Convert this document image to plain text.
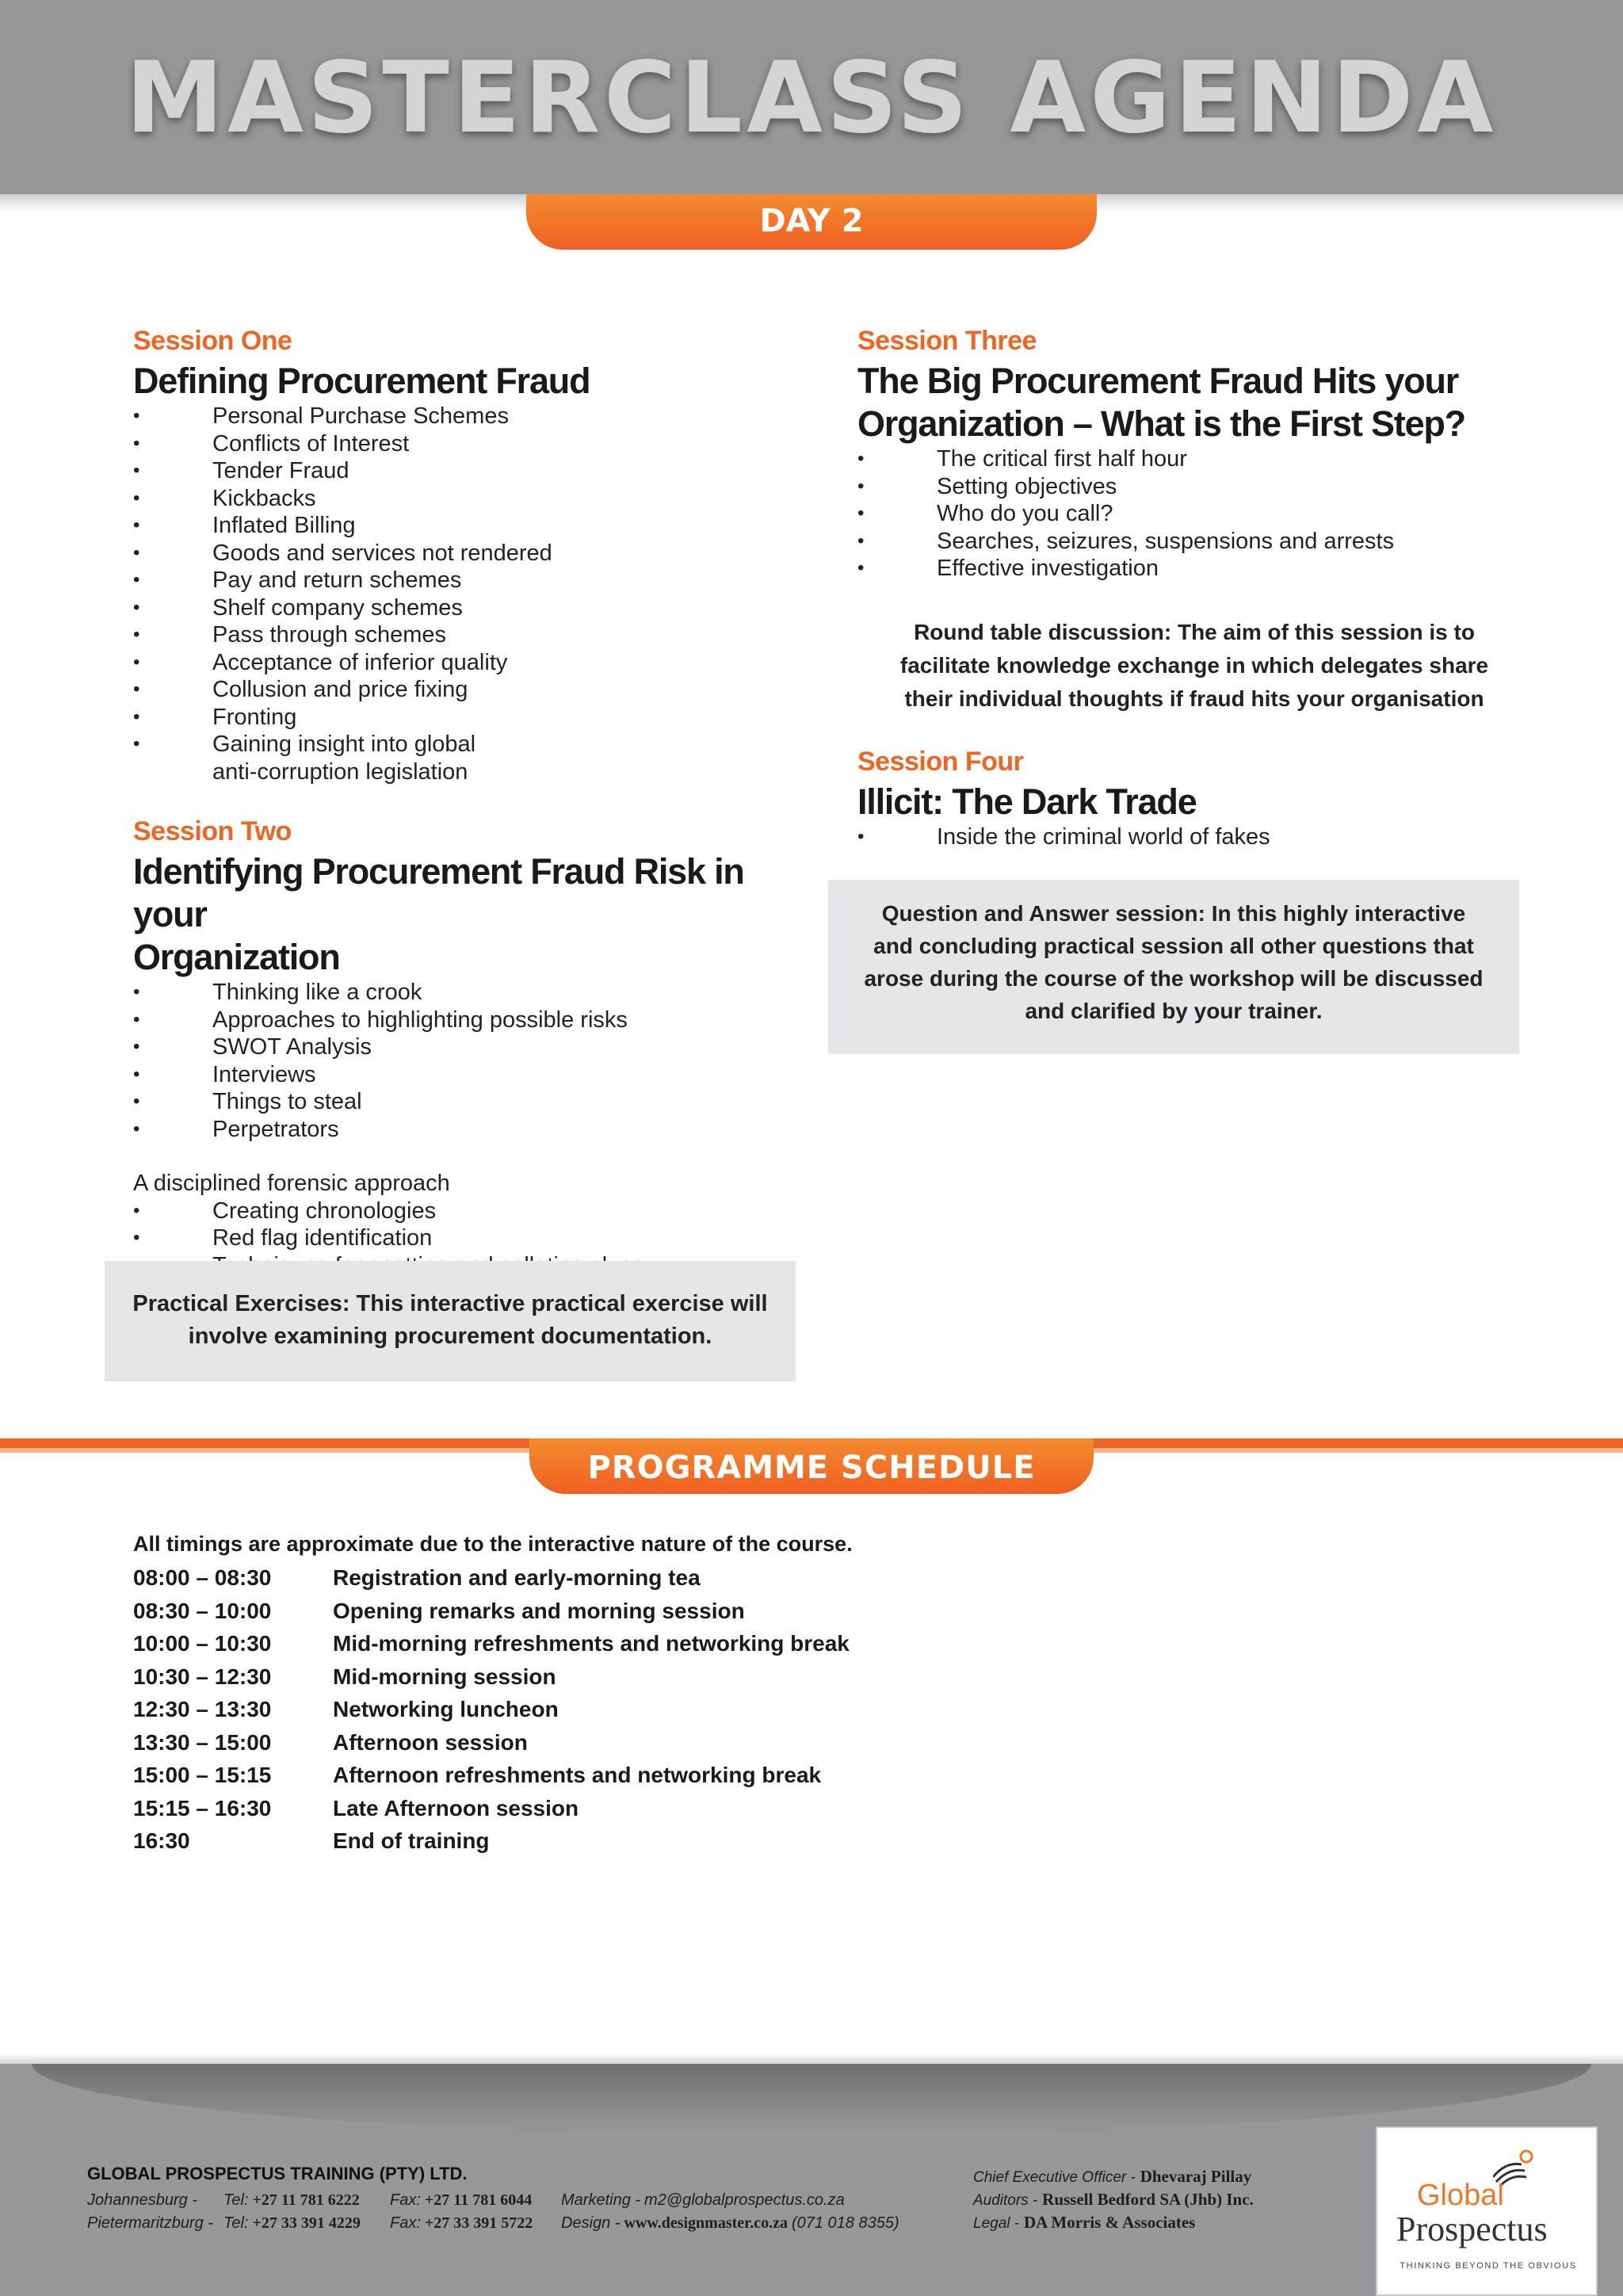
MASTERCLASS AGENDA
DAY 2
Session One
Defining Procurement Fraud
• Personal Purchase Schemes
• Conflicts of Interest
• Tender Fraud
• Kickbacks
• Inflated Billing
• Goods and services not rendered
• Pay and return schemes
• Shelf company schemes
• Pass through schemes
• Acceptance of inferior quality
• Collusion and price fixing
• Fronting
• Gaining insight into global
anti-corruption legislation
Session Two
Identifying Procurement Fraud Risk in your
Organization
• Thinking like a crook
• Approaches to highlighting possible risks
• SWOT Analysis
• Interviews
• Things to steal
• Perpetrators
A disciplined forensic approach
• Creating chronologies
• Red flag identification
•
Practical Exercises: This interactive practical exercise will
involve examining procurement documentation.
Session Three
The Big Procurement Fraud Hits your
Organization – What is the First Step?
• The critical first half hour
• Setting objectives
• Who do you call?
• Searches, seizures, suspensions and arrests
• Effective investigation
Round table discussion: The aim of this session is to
facilitate knowledge exchange in which delegates share
their individual thoughts if fraud hits your organisation
Session Four
Illicit: The Dark Trade
• Inside the criminal world of fakes
Question and Answer session: In this highly interactive
and concluding practical session all other questions that
arose during the course of the workshop will be discussed
and clarified by your trainer.
PROGRAMME SCHEDULE
All timings are approximate due to the interactive nature of the course.
08:00 – 08:30	Registration and early-morning tea
08:30 – 10:00	Opening remarks and morning session
10:00 – 10:30	Mid-morning refreshments and networking break
10:30 – 12:30	Mid-morning session
12:30 – 13:30	Networking luncheon
13:30 – 15:00	Afternoon session
15:00 – 15:15	Afternoon refreshments and networking break
15:15 – 16:30	Late Afternoon session
16:30	End of training
GLOBAL PROSPECTUS TRAINING (PTY) LTD.
Johannesburg - Tel: +27 11 781 6222 Fax: +27 11 781 6044 Marketing - m2@globalprospectus.co.za
Pietermaritzburg - Tel: +27 33 391 4229 Fax: +27 33 391 5722 Design - www.designmaster.co.za (071 018 8355)
Chief Executive Officer - Dhevaraj Pillay
Auditors - Russell Bedford SA (Jhb) Inc.
Legal - DA Morris & Associates
Global
Prospectus
THINKING BEYOND THE OBVIOUS
